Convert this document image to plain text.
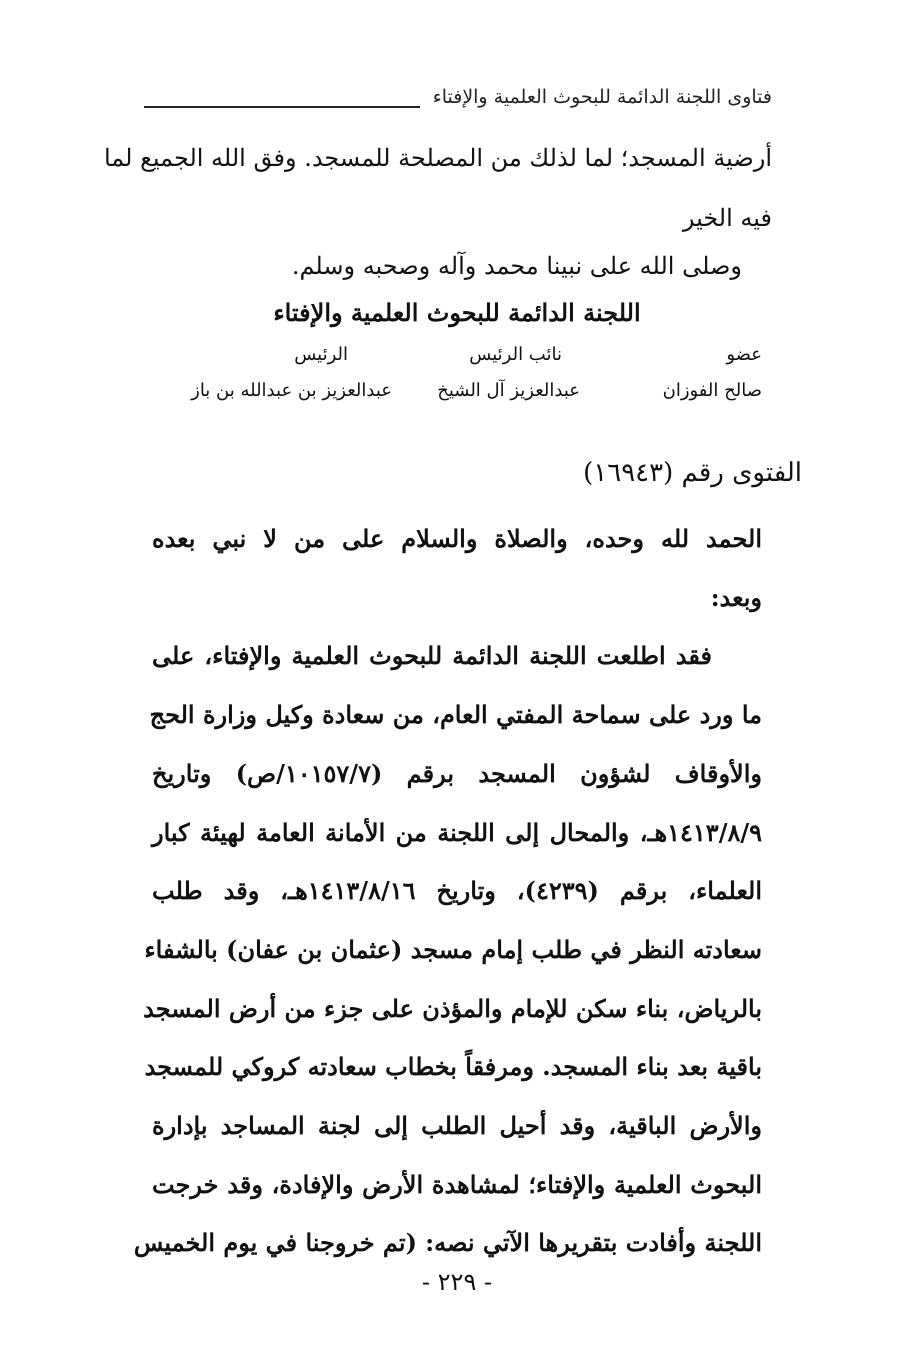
فتاوى اللجنة الدائمة للبحوث العلمية والإفتاء
أرضية المسجد؛ لما لذلك من المصلحة للمسجد. وفق الله الجميع لما
فيه الخير
وصلى الله على نبينا محمد وآله وصحبه وسلم.
اللجنة الدائمة للبحوث العلمية والإفتاء
عضو
نائب الرئيس
الرئيس
صالح الفوزان
عبدالعزيز آل الشيخ
عبدالعزيز بن عبدالله بن باز
الفتوى رقم (١٦٩٤٣)
الحمد لله وحده، والصلاة والسلام على من لا نبي بعده
وبعد:
فقد اطلعت اللجنة الدائمة للبحوث العلمية والإفتاء، على
ما ورد على سماحة المفتي العام، من سعادة وكيل وزارة الحج
والأوقاف لشؤون المسجد برقم (١٠١٥٧/٧/ص) وتاريخ
١٤١٣/٨/٩هـ، والمحال إلى اللجنة من الأمانة العامة لهيئة كبار
العلماء، برقم (٤٢٣٩)، وتاريخ ١٤١٣/٨/١٦هـ، وقد طلب
سعادته النظر في طلب إمام مسجد (عثمان بن عفان) بالشفاء
بالرياض، بناء سكن للإمام والمؤذن على جزء من أرض المسجد
باقية بعد بناء المسجد. ومرفقاً بخطاب سعادته كروكي للمسجد
والأرض الباقية، وقد أحيل الطلب إلى لجنة المساجد بإدارة
البحوث العلمية والإفتاء؛ لمشاهدة الأرض والإفادة، وقد خرجت
اللجنة وأفادت بتقريرها الآتي نصه: (تم خروجنا في يوم الخميس
- ٢٢٩ -
